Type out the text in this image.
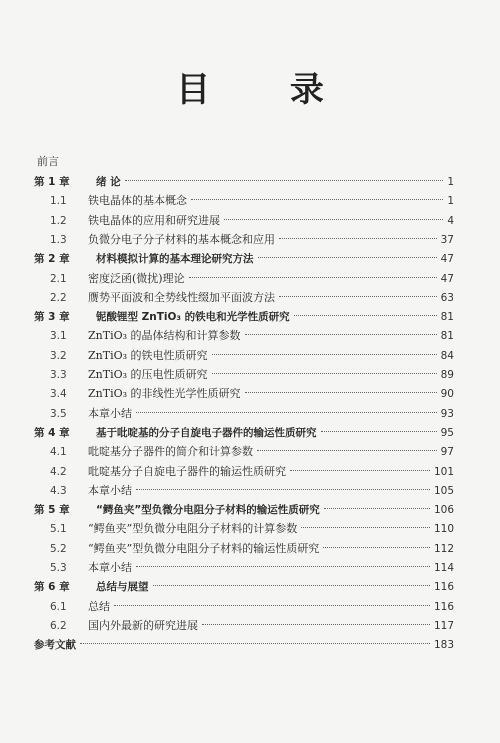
目 录
前言
第 1 章	绪 论	1
1.1	铁电晶体的基本概念	1
1.2	铁电晶体的应用和研究进展	4
1.3	负微分电子分子材料的基本概念和应用	37
第 2 章	材料模拟计算的基本理论研究方法	47
2.1	密度泛函(微扰)理论	47
2.2	赝势平面波和全势线性缀加平面波方法	63
第 3 章	铌酸锂型 ZnTiO₃ 的铁电和光学性质研究	81
3.1	ZnTiO₃ 的晶体结构和计算参数	81
3.2	ZnTiO₃ 的铁电性质研究	84
3.3	ZnTiO₃ 的压电性质研究	89
3.4	ZnTiO₃ 的非线性光学性质研究	90
3.5	本章小结	93
第 4 章	基于吡啶基的分子自旋电子器件的输运性质研究	95
4.1	吡啶基分子器件的简介和计算参数	97
4.2	吡啶基分子自旋电子器件的输运性质研究	101
4.3	本章小结	105
第 5 章	“鳄鱼夹”型负微分电阻分子材料的输运性质研究	106
5.1	“鳄鱼夹”型负微分电阻分子材料的计算参数	110
5.2	“鳄鱼夹”型负微分电阻分子材料的输运性质研究	112
5.3	本章小结	114
第 6 章	总结与展望	116
6.1	总结	116
6.2	国内外最新的研究进展	117
参考文献	183
